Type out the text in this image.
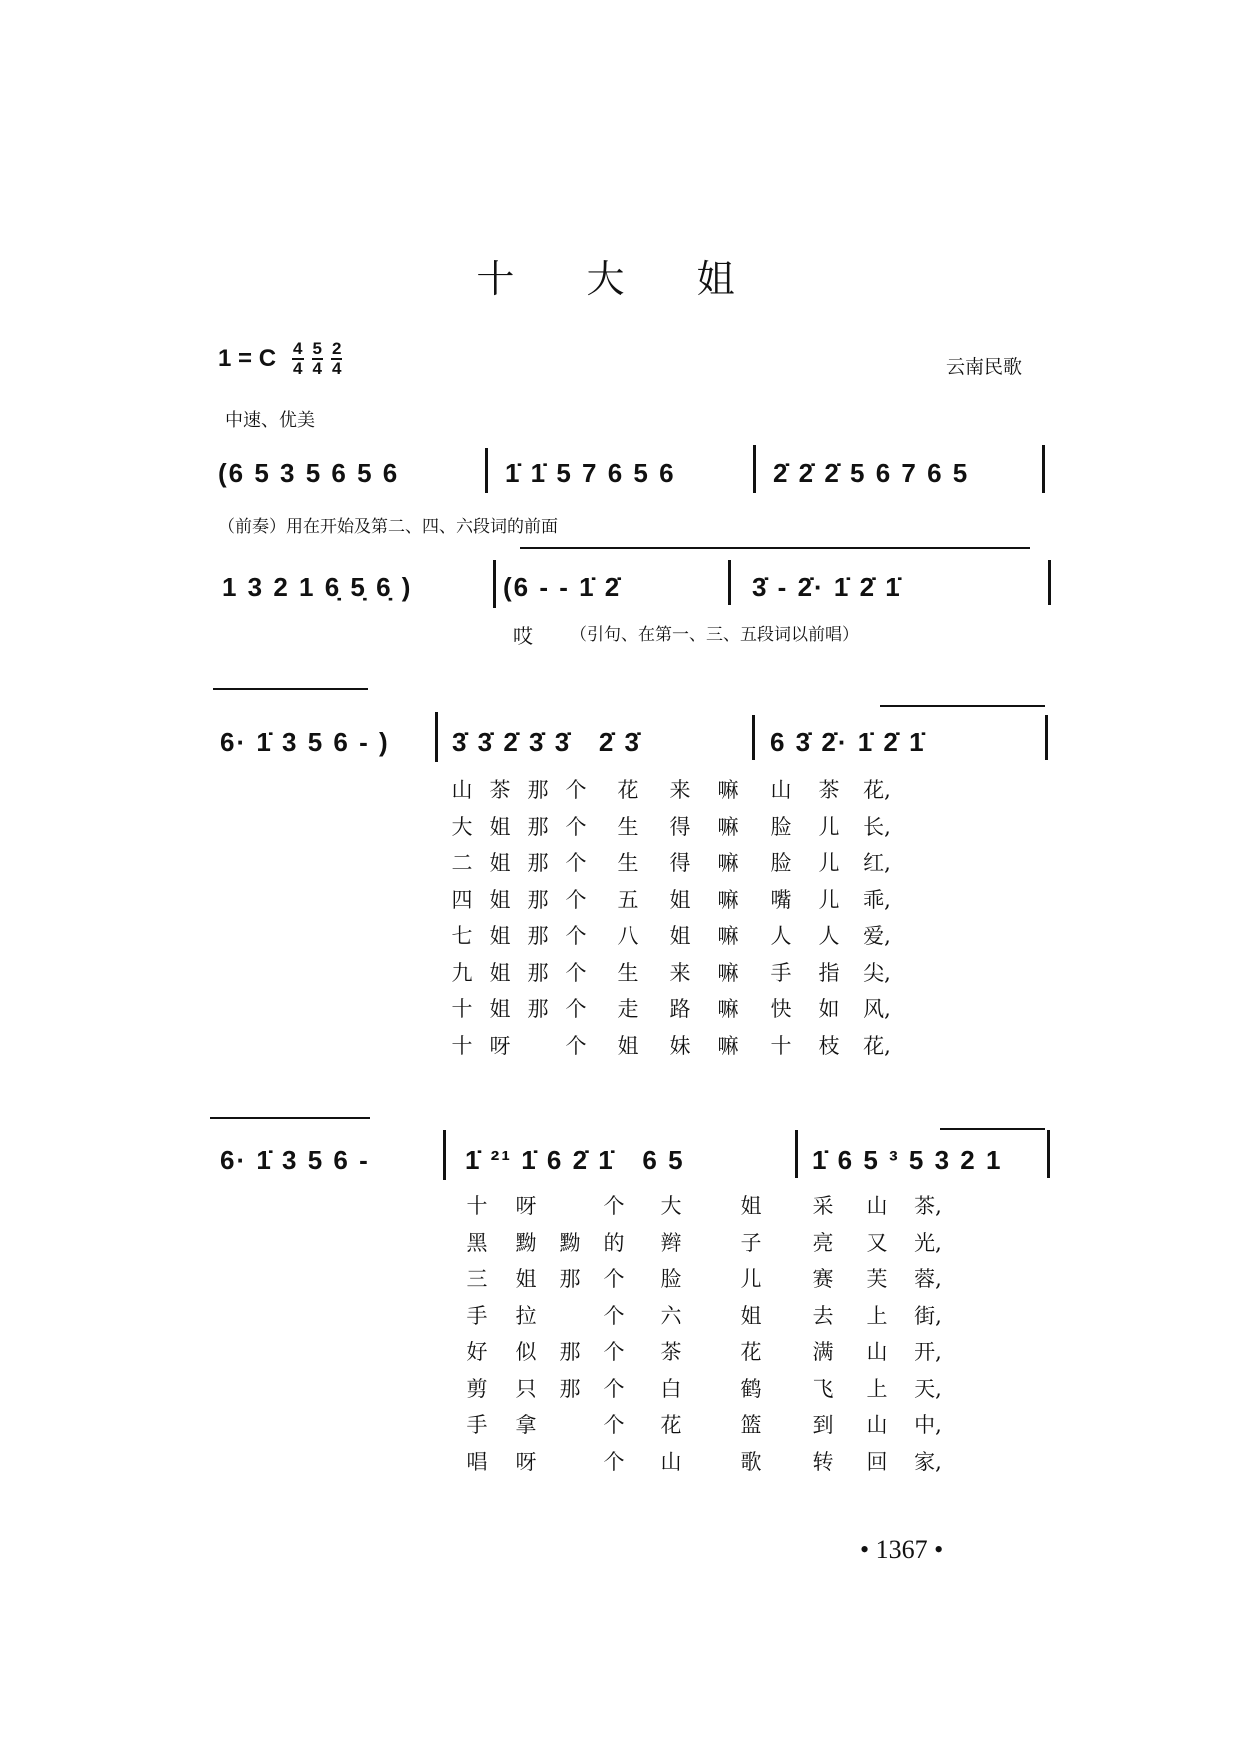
十 大 姐
1 = C $\frac{4}{4} \frac{5}{4} \frac{2}{4}$	云南民歌
中速、优美
(6 5 3 5 6 5 6	1̇ 1̇ 5 7 6 5 6	2̇ 2̇ 2̇ 5 6 7 6 5
（前奏）用在开始及第二、四、六段词的前面
1 3 2 1 6̣ 5̣ 6̣ )	(6 - - 1̇ 2̇	3̇ - 2̇· 1̇ 2̇ 1̇
哎 （引句、在第一、三、五段词以前唱）
6· 1̇ 3 5 6 - ) 3̇ 3̇ 2̇ 3̇ 3̇   2̇ 3̇	6 3̇ 2̇· 1̇ 2̇ 1̇
山 茶 那 个	花	来	嘛	山	茶	花,
大 姐 那 个	生	得	嘛	脸	儿	长,
二 姐 那 个	生	得	嘛	脸	儿	红,
四 姐 那 个	五	姐	嘛	嘴	儿	乖,
七 姐 那 个	八	姐	嘛	人	人	爱,
九 姐 那 个	生	来	嘛	手	指	尖,
十 姐 那 个	走	路	嘛	快	如	风,
十 呀	个	姐	妹	嘛	十	枝	花,
6· 1̇ 3 5 6 -	1̇ ²¹ 1̇ 6 2̇ 1̇   6 5	1̇ 6 5 ³ 5 3 2 1
十	呀	个	大	姐	采	山	茶,
黑	黝	黝	的	辫	子	亮	又	光,
三	姐	那	个	脸	儿	赛	芙	蓉,
手	拉	个	六	姐	去	上	街,
好	似	那	个	茶	花	满	山	开,
剪	只	那	个	白	鹤	飞	上	天,
手	拿	个	花	篮	到	山	中,
唱	呀	个	山	歌	转	回	家,
• 1367 •
